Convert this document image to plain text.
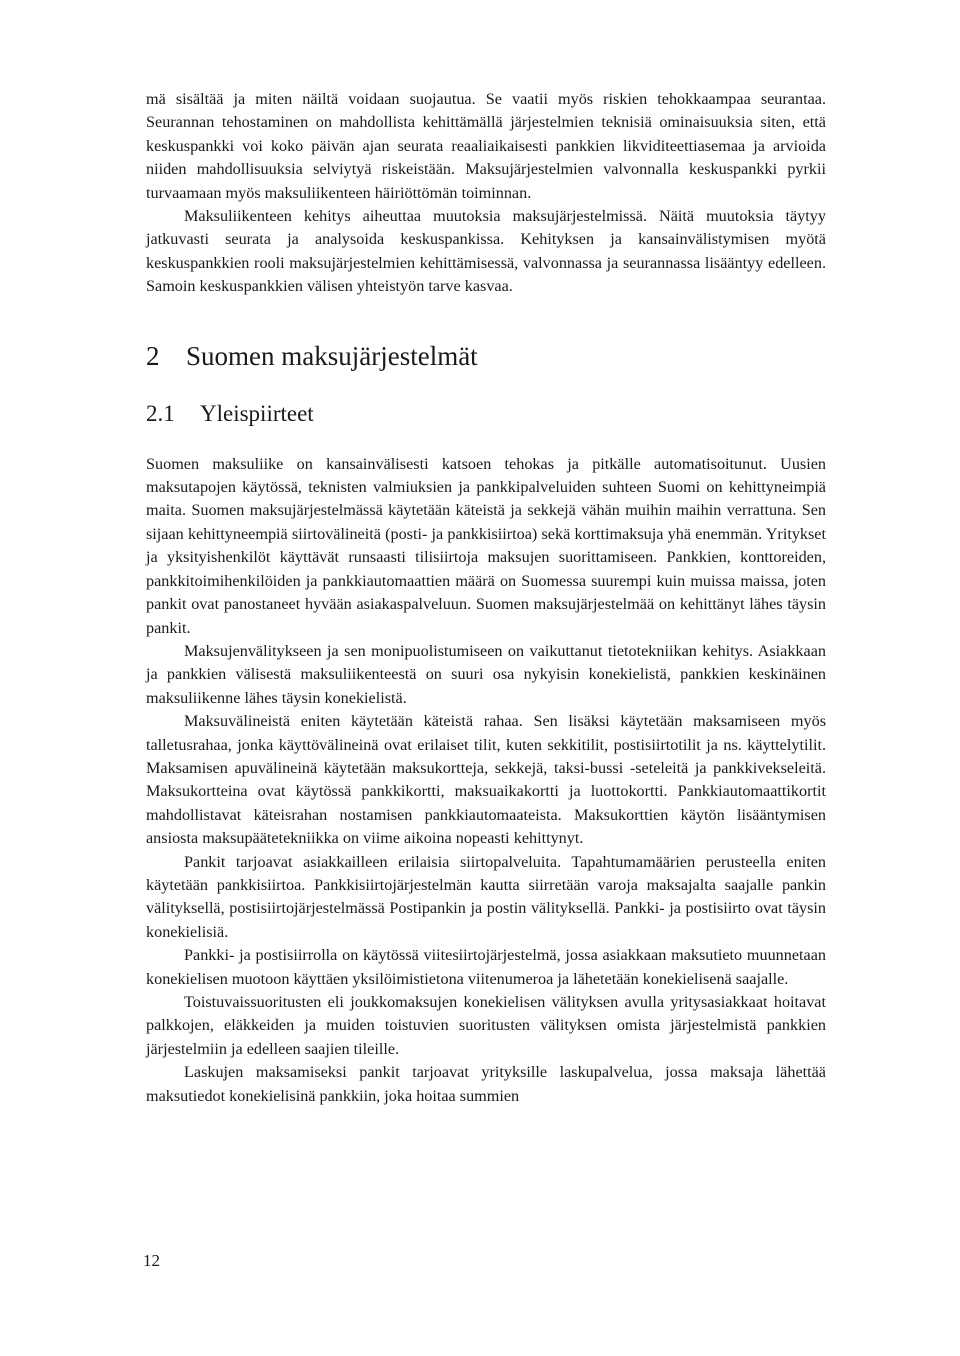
mä sisältää ja miten näiltä voidaan suojautua. Se vaatii myös riskien tehokkaampaa seurantaa. Seurannan tehostaminen on mahdollista kehittämällä järjestelmien teknisiä ominaisuuksia siten, että keskuspankki voi koko päivän ajan seurata reaaliaikaisesti pankkien likviditeettiasemaa ja arvioida niiden mahdollisuuksia selviytyä riskeistään. Maksujärjestelmien valvonnalla keskuspankki pyrkii turvaamaan myös maksuliikenteen häiriöttömän toiminnan.

Maksuliikenteen kehitys aiheuttaa muutoksia maksujärjestelmissä. Näitä muutoksia täytyy jatkuvasti seurata ja analysoida keskuspankissa. Kehityksen ja kansainvälistymisen myötä keskuspankkien rooli maksujärjestelmien kehittämisessä, valvonnassa ja seurannassa lisääntyy edelleen. Samoin keskuspankkien välisen yhteistyön tarve kasvaa.

2 Suomen maksujärjestelmät
2.1 Yleispiirteet

Suomen maksuliike on kansainvälisesti katsoen tehokas ja pitkälle automatisoitunut. Uusien maksutapojen käytössä, teknisten valmiuksien ja pankkipalveluiden suhteen Suomi on kehittyneimpiä maita. Suomen maksujärjestelmässä käytetään käteistä ja sekkejä vähän muihin maihin verrattuna. Sen sijaan kehittyneempiä siirtovälineitä (posti- ja pankkisiirtoa) sekä korttimaksuja yhä enemmän. Yritykset ja yksityishenkilöt käyttävät runsaasti tilisiirtoja maksujen suorittamiseen. Pankkien, konttoreiden, pankkitoimihenkilöiden ja pankkiautomaattien määrä on Suomessa suurempi kuin muissa maissa, joten pankit ovat panostaneet hyvään asiakaspalveluun. Suomen maksujärjestelmää on kehittänyt lähes täysin pankit.

Maksujenvälitykseen ja sen monipuolistumiseen on vaikuttanut tietotekniikan kehitys. Asiakkaan ja pankkien välisestä maksuliikenteestä on suuri osa nykyisin konekielistä, pankkien keskinäinen maksuliikenne lähes täysin konekielistä.

Maksuvälineistä eniten käytetään käteistä rahaa. Sen lisäksi käytetään maksamiseen myös talletusrahaa, jonka käyttövälineinä ovat erilaiset tilit, kuten sekkitilit, postisiirtotilit ja ns. käyttelytilit. Maksamisen apuvälineinä käytetään maksukortteja, sekkejä, taksi-bussi -seteleitä ja pankkivekseleitä. Maksukortteina ovat käytössä pankkikortti, maksuaikakortti ja luottokortti. Pankkiautomaattikortit mahdollistavat käteisrahan nostamisen pankkiautomaateista. Maksukorttien käytön lisääntymisen ansiosta maksupäätetekniikka on viime aikoina nopeasti kehittynyt.

Pankit tarjoavat asiakkailleen erilaisia siirtopalveluita. Tapahtumamäärien perusteella eniten käytetään pankkisiirtoa. Pankkisiirtojärjestelmän kautta siirretään varoja maksajalta saajalle pankin välityksellä, postisiirtojärjestelmässä Postipankin ja postin välityksellä. Pankki- ja postisiirto ovat täysin konekielisiä.

Pankki- ja postisiirrolla on käytössä viitesiirtojärjestelmä, jossa asiakkaan maksutieto muunnetaan konekielisen muotoon käyttäen yksilöimistietona viitenumeroa ja lähetetään konekielisenä saajalle.

Toistuvaissuoritusten eli joukkomaksujen konekielisen välityksen avulla yritysasiakkaat hoitavat palkkojen, eläkkeiden ja muiden toistuvien suoritusten välityksen omista järjestelmistä pankkien järjestelmiin ja edelleen saajien tileille.

Laskujen maksamiseksi pankit tarjoavat yrityksille laskupalvelua, jossa maksaja lähettää maksutiedot konekielisinä pankkiin, joka hoitaa summien

12
